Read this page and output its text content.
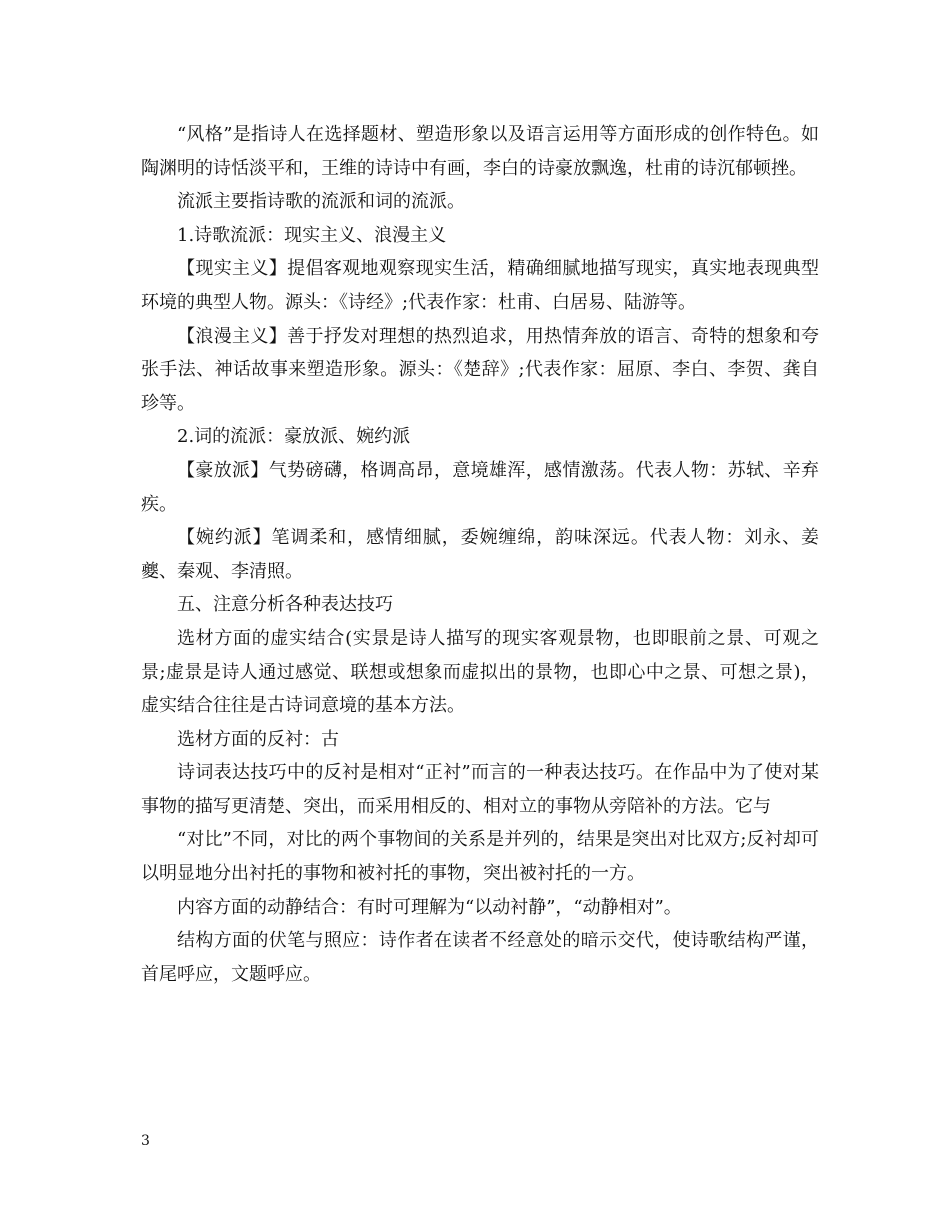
“风格”是指诗人在选择题材、塑造形象以及语言运用等方面形成的创作特色。如陶渊明的诗恬淡平和，王维的诗诗中有画，李白的诗豪放飘逸，杜甫的诗沉郁顿挫。

流派主要指诗歌的流派和词的流派。

1.诗歌流派：现实主义、浪漫主义

【现实主义】提倡客观地观察现实生活，精确细腻地描写现实，真实地表现典型环境的典型人物。源头：《诗经》;代表作家：杜甫、白居易、陆游等。

【浪漫主义】善于抒发对理想的热烈追求，用热情奔放的语言、奇特的想象和夸张手法、神话故事来塑造形象。源头：《楚辞》;代表作家：屈原、李白、李贺、龚自珍等。

2.词的流派：豪放派、婉约派

【豪放派】气势磅礴，格调高昂，意境雄浑，感情激荡。代表人物：苏轼、辛弃疾。

【婉约派】笔调柔和，感情细腻，委婉缠绵，韵味深远。代表人物：刘永、姜夔、秦观、李清照。

五、注意分析各种表达技巧

选材方面的虚实结合(实景是诗人描写的现实客观景物，也即眼前之景、可观之景;虚景是诗人通过感觉、联想或想象而虚拟出的景物，也即心中之景、可想之景)，虚实结合往往是古诗词意境的基本方法。

选材方面的反衬：古

诗词表达技巧中的反衬是相对“正衬”而言的一种表达技巧。在作品中为了使对某事物的描写更清楚、突出，而采用相反的、相对立的事物从旁陪补的方法。它与

“对比”不同，对比的两个事物间的关系是并列的，结果是突出对比双方;反衬却可以明显地分出衬托的事物和被衬托的事物，突出被衬托的一方。

内容方面的动静结合：有时可理解为“以动衬静”，“动静相对”。

结构方面的伏笔与照应：诗作者在读者不经意处的暗示交代，使诗歌结构严谨，首尾呼应，文题呼应。

3
